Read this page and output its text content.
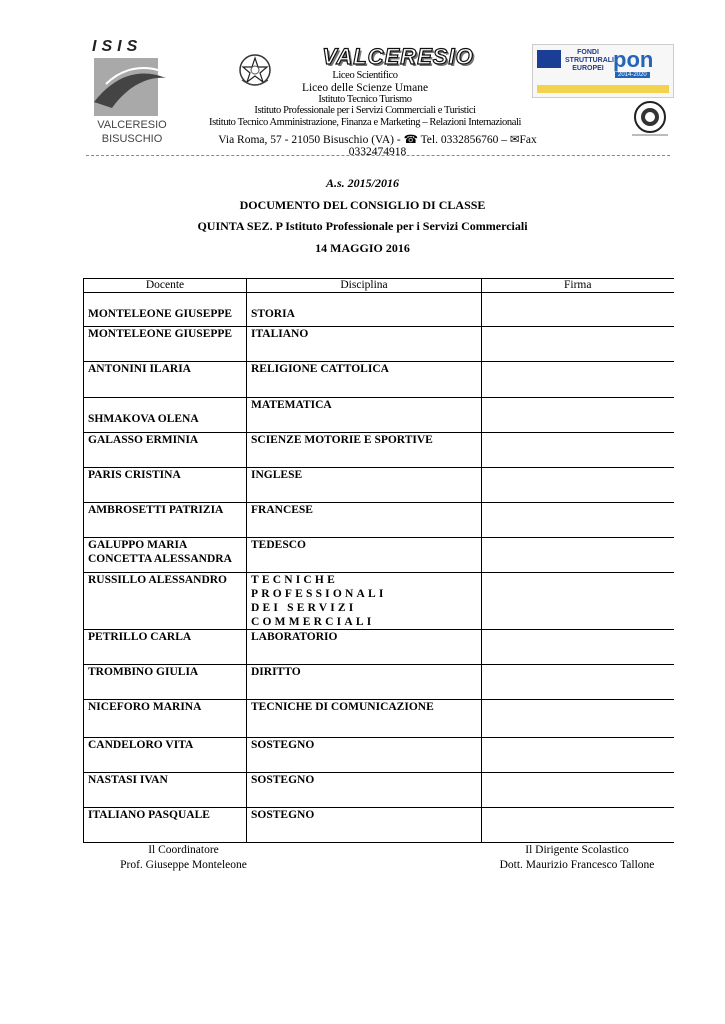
ISIS
VALCERESIO
BISUSCHIO
VALCERESIO
Liceo Scientifico
Liceo delle Scienze Umane
Istituto Tecnico Turismo
Istituto Professionale per i Servizi Commerciali e Turistici
Istituto Tecnico Amministrazione, Finanza e Marketing – Relazioni Internazionali
Via Roma, 57 - 21050 Bisuschio (VA) - ☎ Tel. 0332856760 – ✉Fax 0332474918
FONDI STRUTTURALI EUROPEI pon
2014-2020
A.s. 2015/2016
DOCUMENTO DEL CONSIGLIO DI CLASSE
QUINTA SEZ. P Istituto Professionale per i Servizi Commerciali
14 MAGGIO 2016
Docente	Disciplina	Firma
MONTELEONE GIUSEPPE	STORIA	
MONTELEONE GIUSEPPE	ITALIANO	
ANTONINI ILARIA	RELIGIONE CATTOLICA	
SHMAKOVA OLENA	MATEMATICA	
GALASSO ERMINIA	SCIENZE MOTORIE E SPORTIVE	
PARIS CRISTINA	INGLESE	
AMBROSETTI PATRIZIA	FRANCESE	

GALUPPO MARIA
CONCETTA ALESSANDRA	TEDESCO	
RUSSILLO ALESSANDRO	TECNICHE PROFESSIONALI
DEI SERVIZI COMMERCIALI	

PETRILLO CARLA	LABORATORIO	
TROMBINO GIULIA	DIRITTO	
NICEFORO MARINA	TECNICHE DI COMUNICAZIONE	
CANDELORO VITA	SOSTEGNO	
NASTASI IVAN	SOSTEGNO	
ITALIANO PASQUALE	SOSTEGNO	
Il Coordinatore
Prof. Giuseppe Monteleone
Il Dirigente Scolastico
Dott. Maurizio Francesco Tallone
